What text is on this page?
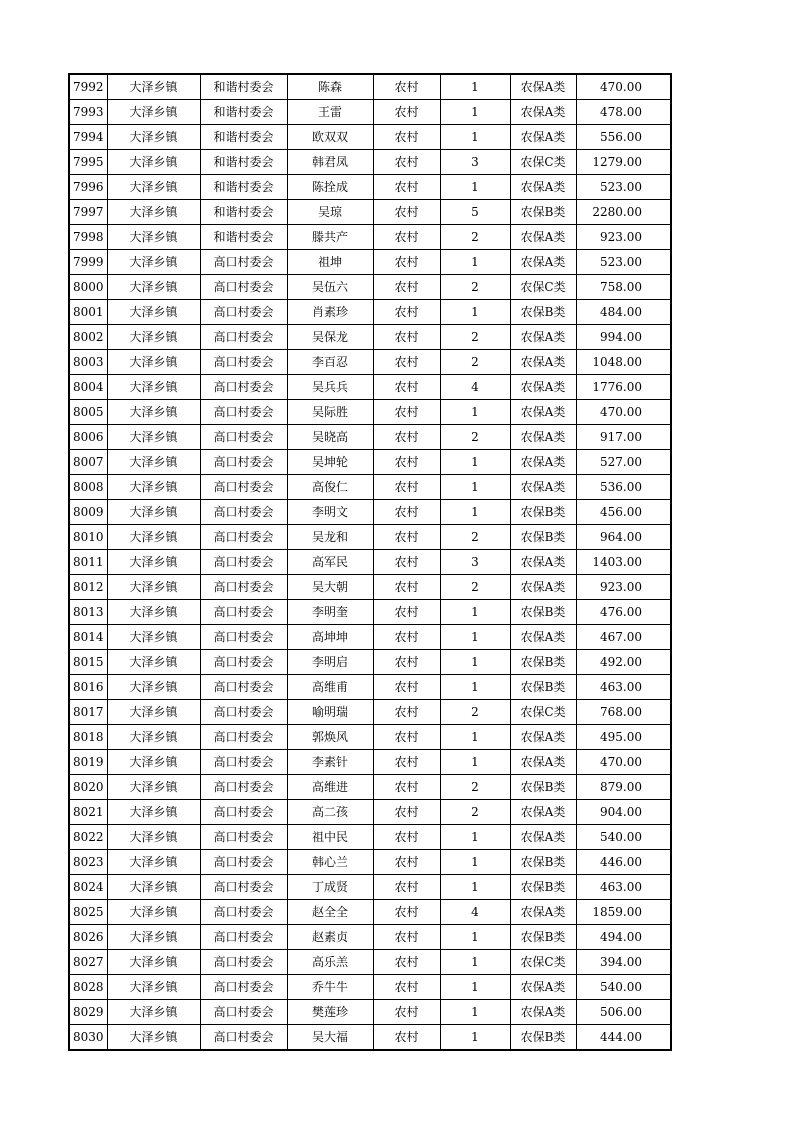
7992	大泽乡镇	和谐村委会	陈森	农村	1	农保A类	470.00
7993	大泽乡镇	和谐村委会	王雷	农村	1	农保A类	478.00
7994	大泽乡镇	和谐村委会	欧双双	农村	1	农保A类	556.00
7995	大泽乡镇	和谐村委会	韩君凤	农村	3	农保C类	1279.00
7996	大泽乡镇	和谐村委会	陈拴成	农村	1	农保A类	523.00
7997	大泽乡镇	和谐村委会	吴琼	农村	5	农保B类	2280.00
7998	大泽乡镇	和谐村委会	滕共产	农村	2	农保A类	923.00
7999	大泽乡镇	高口村委会	祖坤	农村	1	农保A类	523.00
8000	大泽乡镇	高口村委会	吴伍六	农村	2	农保C类	758.00
8001	大泽乡镇	高口村委会	肖素珍	农村	1	农保B类	484.00
8002	大泽乡镇	高口村委会	吴保龙	农村	2	农保A类	994.00
8003	大泽乡镇	高口村委会	李百忍	农村	2	农保A类	1048.00
8004	大泽乡镇	高口村委会	吴兵兵	农村	4	农保A类	1776.00
8005	大泽乡镇	高口村委会	吴际胜	农村	1	农保A类	470.00
8006	大泽乡镇	高口村委会	吴晓高	农村	2	农保A类	917.00
8007	大泽乡镇	高口村委会	吴坤轮	农村	1	农保A类	527.00
8008	大泽乡镇	高口村委会	高俊仁	农村	1	农保A类	536.00
8009	大泽乡镇	高口村委会	李明文	农村	1	农保B类	456.00
8010	大泽乡镇	高口村委会	吴龙和	农村	2	农保B类	964.00
8011	大泽乡镇	高口村委会	高军民	农村	3	农保A类	1403.00
8012	大泽乡镇	高口村委会	吴大朝	农村	2	农保A类	923.00
8013	大泽乡镇	高口村委会	李明奎	农村	1	农保B类	476.00
8014	大泽乡镇	高口村委会	高坤坤	农村	1	农保A类	467.00
8015	大泽乡镇	高口村委会	李明启	农村	1	农保B类	492.00
8016	大泽乡镇	高口村委会	高维甫	农村	1	农保B类	463.00
8017	大泽乡镇	高口村委会	喻明瑞	农村	2	农保C类	768.00
8018	大泽乡镇	高口村委会	郭焕风	农村	1	农保A类	495.00
8019	大泽乡镇	高口村委会	李素针	农村	1	农保A类	470.00
8020	大泽乡镇	高口村委会	高维进	农村	2	农保B类	879.00
8021	大泽乡镇	高口村委会	高二孩	农村	2	农保A类	904.00
8022	大泽乡镇	高口村委会	祖中民	农村	1	农保A类	540.00
8023	大泽乡镇	高口村委会	韩心兰	农村	1	农保B类	446.00
8024	大泽乡镇	高口村委会	丁成贤	农村	1	农保B类	463.00
8025	大泽乡镇	高口村委会	赵全全	农村	4	农保A类	1859.00
8026	大泽乡镇	高口村委会	赵素贞	农村	1	农保B类	494.00
8027	大泽乡镇	高口村委会	高乐羔	农村	1	农保C类	394.00
8028	大泽乡镇	高口村委会	乔牛牛	农村	1	农保A类	540.00
8029	大泽乡镇	高口村委会	樊莲珍	农村	1	农保A类	506.00
8030	大泽乡镇	高口村委会	吴大福	农村	1	农保B类	444.00
